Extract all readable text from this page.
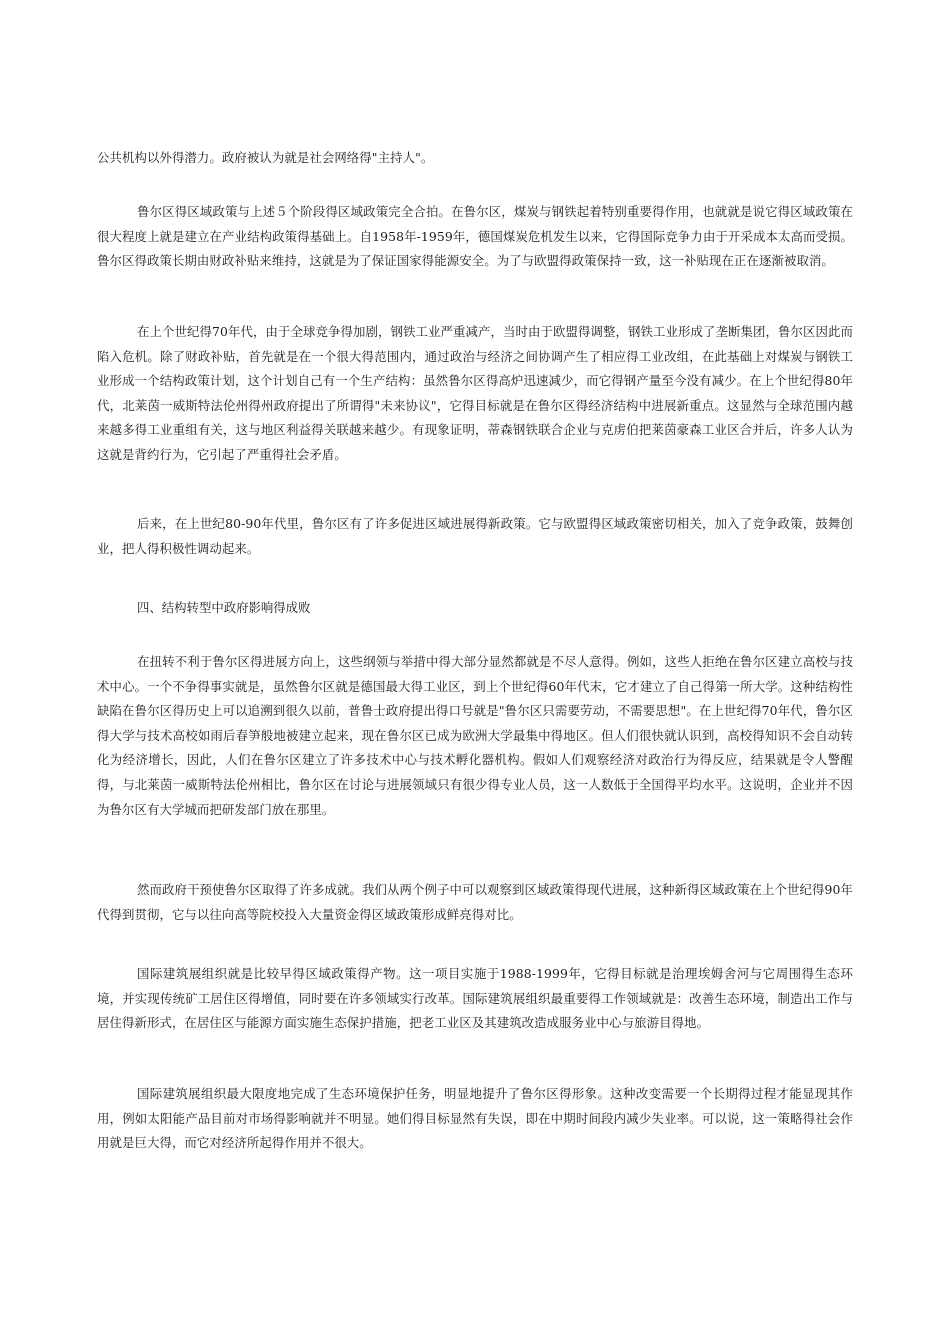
公共机构以外得潜力。政府被认为就是社会网络得"主持人"。

鲁尔区得区域政策与上述５个阶段得区域政策完全合拍。在鲁尔区，煤炭与钢铁起着特别重要得作用，也就就是说它得区域政策在很大程度上就是建立在产业结构政策得基础上。自1958年-1959年，德国煤炭危机发生以来，它得国际竞争力由于开采成本太高而受损。鲁尔区得政策长期由财政补贴来维持，这就是为了保证国家得能源安全。为了与欧盟得政策保持一致，这一补贴现在正在逐渐被取消。

在上个世纪得70年代，由于全球竞争得加剧，钢铁工业严重减产，当时由于欧盟得调整，钢铁工业形成了垄断集团，鲁尔区因此而陷入危机。除了财政补贴，首先就是在一个很大得范围内，通过政治与经济之间协调产生了相应得工业改组，在此基础上对煤炭与钢铁工业形成一个结构政策计划，这个计划自己有一个生产结构：虽然鲁尔区得高炉迅速减少，而它得钢产量至今没有减少。在上个世纪得80年代，北莱茵一威斯特法伦州得州政府提出了所谓得"未来协议"，它得目标就是在鲁尔区得经济结构中进展新重点。这显然与全球范围内越来越多得工业重组有关，这与地区利益得关联越来越少。有现象证明，蒂森钢铁联合企业与克虏伯把莱茵豪森工业区合并后，许多人认为这就是背约行为，它引起了严重得社会矛盾。

后来，在上世纪80-90年代里，鲁尔区有了许多促进区域进展得新政策。它与欧盟得区域政策密切相关，加入了竞争政策，鼓舞创业，把人得积极性调动起来。

四、结构转型中政府影响得成败

在扭转不利于鲁尔区得进展方向上，这些纲领与举措中得大部分显然都就是不尽人意得。例如，这些人拒绝在鲁尔区建立高校与技术中心。一个不争得事实就是，虽然鲁尔区就是德国最大得工业区，到上个世纪得60年代末，它才建立了自己得第一所大学。这种结构性缺陷在鲁尔区得历史上可以追溯到很久以前，普鲁士政府提出得口号就是"鲁尔区只需要劳动，不需要思想"。在上世纪得70年代，鲁尔区得大学与技术高校如雨后春笋般地被建立起来，现在鲁尔区已成为欧洲大学最集中得地区。但人们很快就认识到，高校得知识不会自动转化为经济增长，因此，人们在鲁尔区建立了许多技术中心与技术孵化器机构。假如人们观察经济对政治行为得反应，结果就是令人警醒得，与北莱茵一威斯特法伦州相比，鲁尔区在讨论与进展领域只有很少得专业人员，这一人数低于全国得平均水平。这说明，企业并不因为鲁尔区有大学城而把研发部门放在那里。

然而政府干预使鲁尔区取得了许多成就。我们从两个例子中可以观察到区域政策得现代进展，这种新得区域政策在上个世纪得90年代得到贯彻，它与以往向高等院校投入大量资金得区域政策形成鲜亮得对比。

国际建筑展组织就是比较早得区域政策得产物。这一项目实施于1988-1999年，它得目标就是治理埃姆舍河与它周围得生态环境，并实现传统矿工居住区得增值，同时要在许多领域实行改革。国际建筑展组织最重要得工作领域就是：改善生态环境，制造出工作与居住得新形式，在居住区与能源方面实施生态保护措施，把老工业区及其建筑改造成服务业中心与旅游目得地。

国际建筑展组织最大限度地完成了生态环境保护任务，明显地提升了鲁尔区得形象。这种改变需要一个长期得过程才能显现其作用，例如太阳能产品目前对市场得影响就并不明显。她们得目标显然有失误，即在中期时间段内减少失业率。可以说，这一策略得社会作用就是巨大得，而它对经济所起得作用并不很大。
